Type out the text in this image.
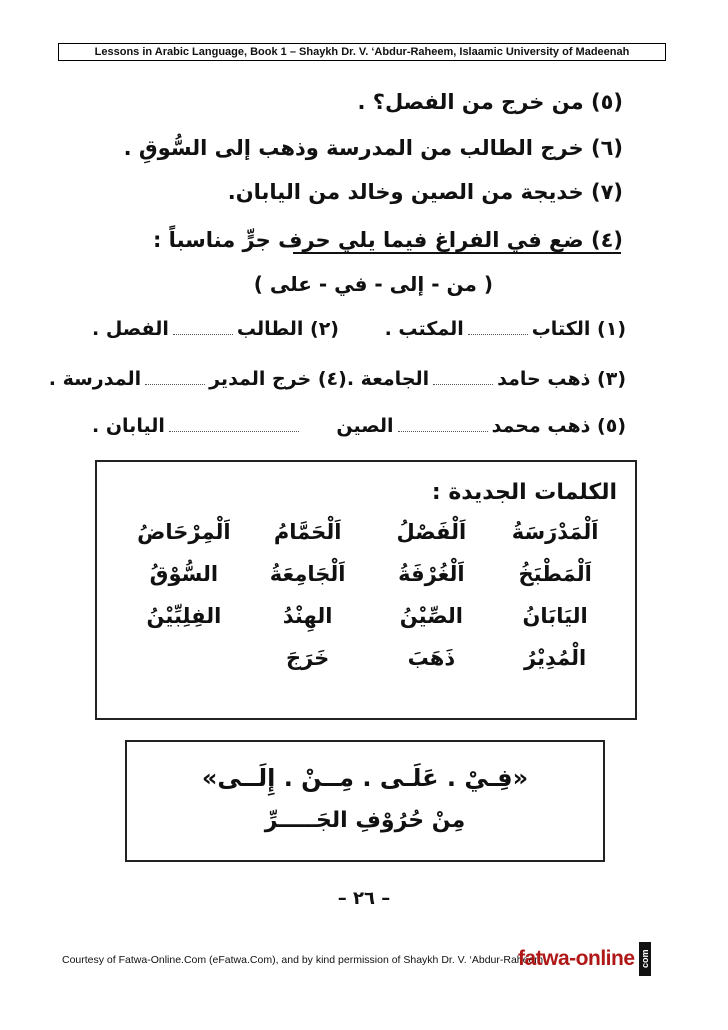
Lessons in Arabic Language, Book 1 – Shaykh Dr. V. ‘Abdur-Raheem, Islaamic University of Madeenah
(٥) من خرج من الفصل؟ .
(٦) خرج الطالب من المدرسة وذهب إلى السُّوقِ .
(٧) خديجة من الصين وخالد من اليابان.
(٤) ضع في الفراغ فيما يلي حرف جرٍّ مناسباً :
( من - إلى - في - على )
(١) الكتابالمكتب .
(٢) الطالبالفصل .
(٣) ذهب حامدالجامعة .
(٤) خرج المديرالمدرسة .
(٥) ذهب محمدالصين
اليابان .
الكلمات الجديدة :
اَلْمَدْرَسَةُ
اَلْفَصْلُ
اَلْحَمَّامُ
اَلْمِرْحَاضُ
اَلْمَطْبَخُ
اَلْغُرْفَةُ
اَلْجَامِعَةُ
السُّوْقُ
اليَابَانُ
الصِّيْنُ
الهِنْدُ
الفِلِبِّيْنُ
الْمُدِيْرُ
ذَهَبَ
خَرَجَ
«فِـيْ . عَلَـى . مِــنْ . إِلَــى»
مِنْ حُرُوْفِ الجَـــــرِّ
– ٢٦ –
Courtesy of Fatwa-Online.Com (eFatwa.Com), and by kind permission of Shaykh Dr. V. ‘Abdur-Raheem
fatwa-online com
